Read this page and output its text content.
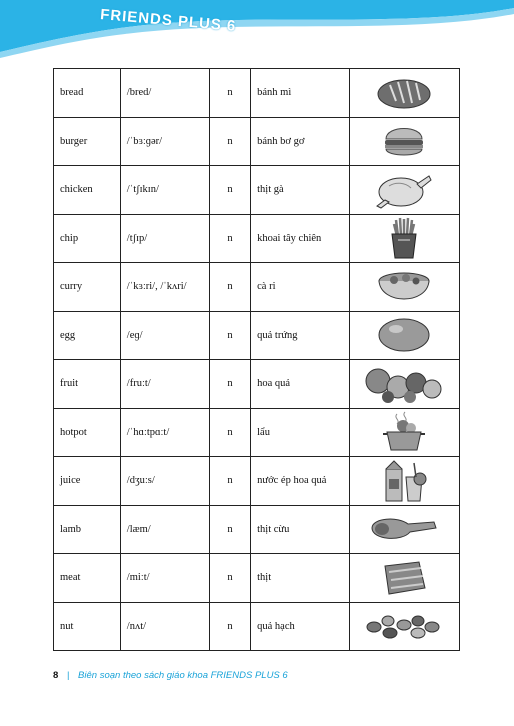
FRIENDS PLUS 6
bread	/bred/	n	bánh mì	

burger	/ˈbɜːɡər/	n	bánh bơ gơ	

chicken	/ˈtʃɪkɪn/	n	thịt gà	

chip	/tʃɪp/	n	khoai tây chiên	

curry	/ˈkɜːri/, /ˈkʌri/	n	cà ri	

egg	/eɡ/	n	quả trứng	

fruit	/fruːt/	n	hoa quả	

hotpot	/ˈhɑːtpɑːt/	n	lẩu	

juice	/dʒuːs/	n	nước ép hoa quả	

lamb	/læm/	n	thịt cừu	

meat	/miːt/	n	thịt	

nut	/nʌt/	n	quả hạch	
8 | Biên soạn theo sách giáo khoa FRIENDS PLUS 6
